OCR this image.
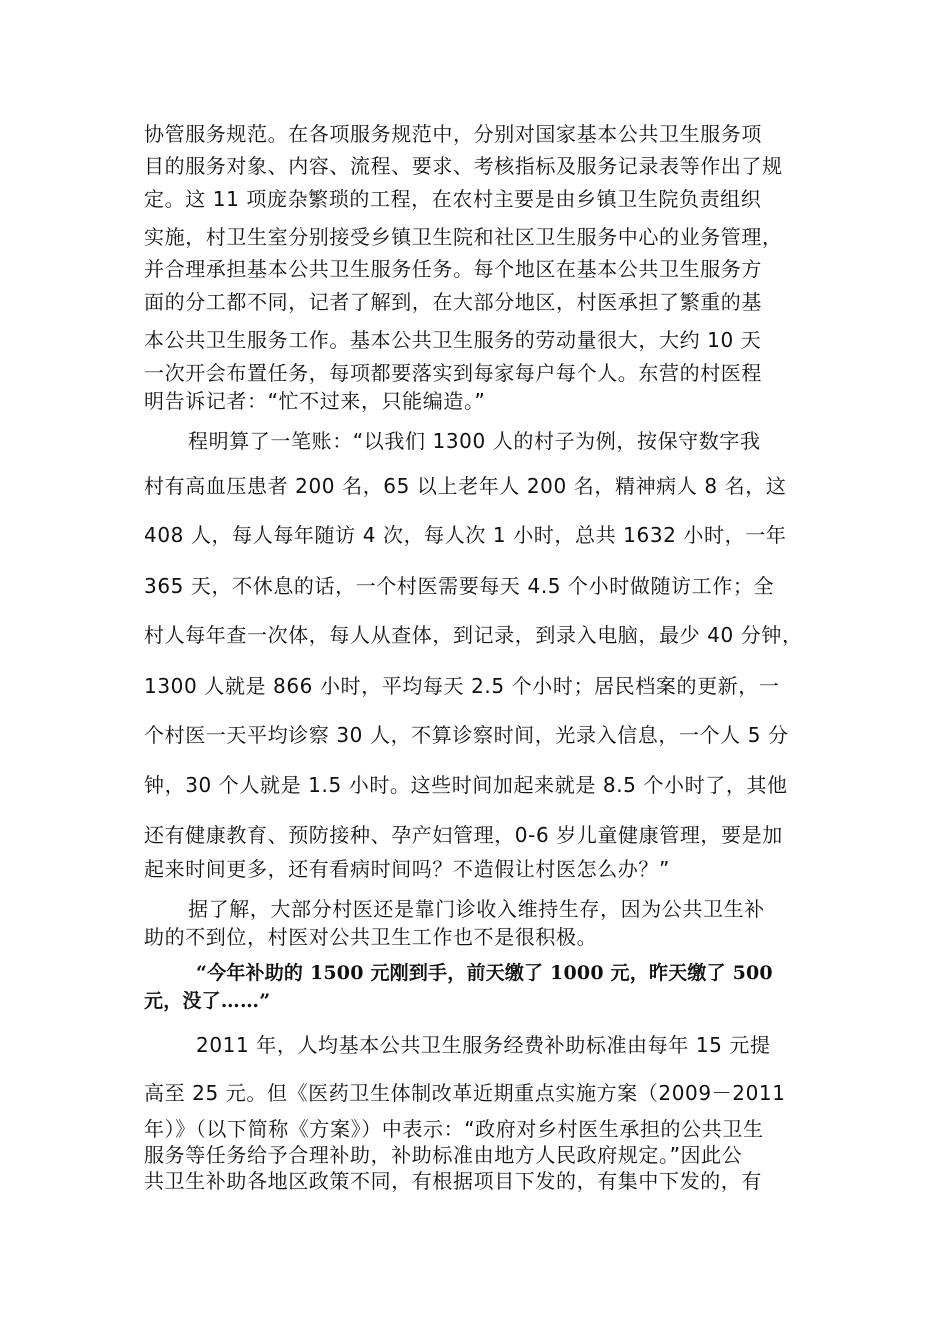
协管服务规范。在各项服务规范中，分别对国家基本公共卫生服务项
目的服务对象、内容、流程、要求、考核指标及服务记录表等作出了规
定。这 11 项庞杂繁琐的工程，在农村主要是由乡镇卫生院负责组织
实施，村卫生室分别接受乡镇卫生院和社区卫生服务中心的业务管理，
并合理承担基本公共卫生服务任务。每个地区在基本公共卫生服务方
面的分工都不同，记者了解到，在大部分地区，村医承担了繁重的基
本公共卫生服务工作。基本公共卫生服务的劳动量很大，大约 10 天
一次开会布置任务，每项都要落实到每家每户每个人。东营的村医程
明告诉记者：“忙不过来，只能编造。”
程明算了一笔账：“以我们 1300 人的村子为例，按保守数字我
村有高血压患者 200 名，65 以上老年人 200 名，精神病人 8 名，这
408 人，每人每年随访 4 次，每人次 1 小时，总共 1632 小时，一年
365 天，不休息的话，一个村医需要每天 4.5 个小时做随访工作；全
村人每年查一次体，每人从查体，到记录，到录入电脑，最少 40 分钟，
1300 人就是 866 小时，平均每天 2.5 个小时；居民档案的更新，一
个村医一天平均诊察 30 人，不算诊察时间，光录入信息，一个人 5 分
钟，30 个人就是 1.5 小时。这些时间加起来就是 8.5 个小时了，其他
还有健康教育、预防接种、孕产妇管理，0-6 岁儿童健康管理，要是加
起来时间更多，还有看病时间吗？不造假让村医怎么办？”
据了解，大部分村医还是靠门诊收入维持生存，因为公共卫生补
助的不到位，村医对公共卫生工作也不是很积极。
“今年补助的 1500 元刚到手，前天缴了 1000 元，昨天缴了 500
元，没了……”
2011 年，人均基本公共卫生服务经费补助标准由每年 15 元提
高至 25 元。但《医药卫生体制改革近期重点实施方案（2009－2011
年）》（以下简称《方案》）中表示：“政府对乡村医生承担的公共卫生
服务等任务给予合理补助，补助标准由地方人民政府规定。”因此公
共卫生补助各地区政策不同，有根据项目下发的，有集中下发的，有
